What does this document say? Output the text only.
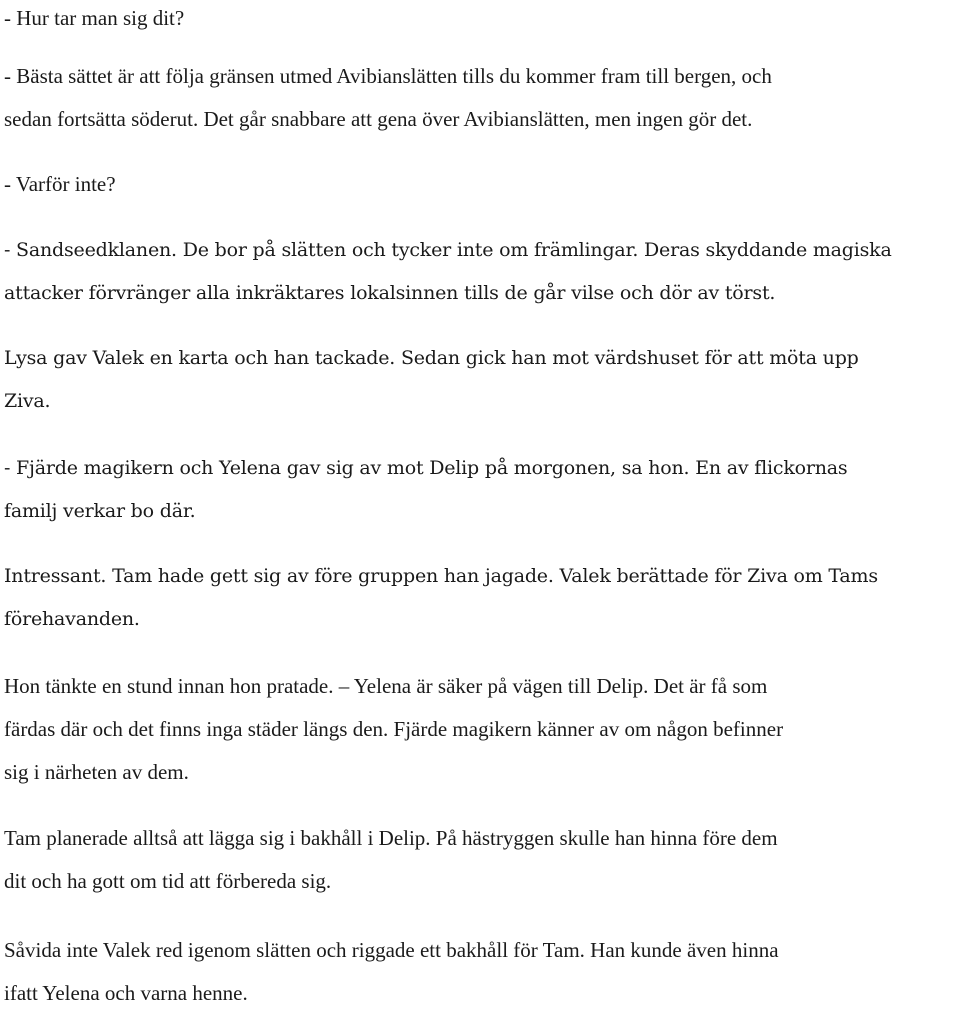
- Hur tar man sig dit?

- Bästa sättet är att följa gränsen utmed Avibianslätten tills du kommer fram till bergen, och
sedan fortsätta söderut. Det går snabbare att gena över Avibianslätten, men ingen gör det.

- Varför inte?

- Sandseedklanen. De bor på slätten och tycker inte om främlingar. Deras skyddande magiska
attacker förvränger alla inkräktares lokalsinnen tills de går vilse och dör av törst.

Lysa gav Valek en karta och han tackade. Sedan gick han mot värdshuset för att möta upp
Ziva.

- Fjärde magikern och Yelena gav sig av mot Delip på morgonen, sa hon. En av flickornas
familj verkar bo där.

Intressant. Tam hade gett sig av före gruppen han jagade. Valek berättade för Ziva om Tams
förehavanden.

Hon tänkte en stund innan hon pratade. – Yelena är säker på vägen till Delip. Det är få som
färdas där och det finns inga städer längs den. Fjärde magikern känner av om någon befinner
sig i närheten av dem.

Tam planerade alltså att lägga sig i bakhåll i Delip. På hästryggen skulle han hinna före dem
dit och ha gott om tid att förbereda sig.

Såvida inte Valek red igenom slätten och riggade ett bakhåll för Tam. Han kunde även hinna
ifatt Yelena och varna henne.
